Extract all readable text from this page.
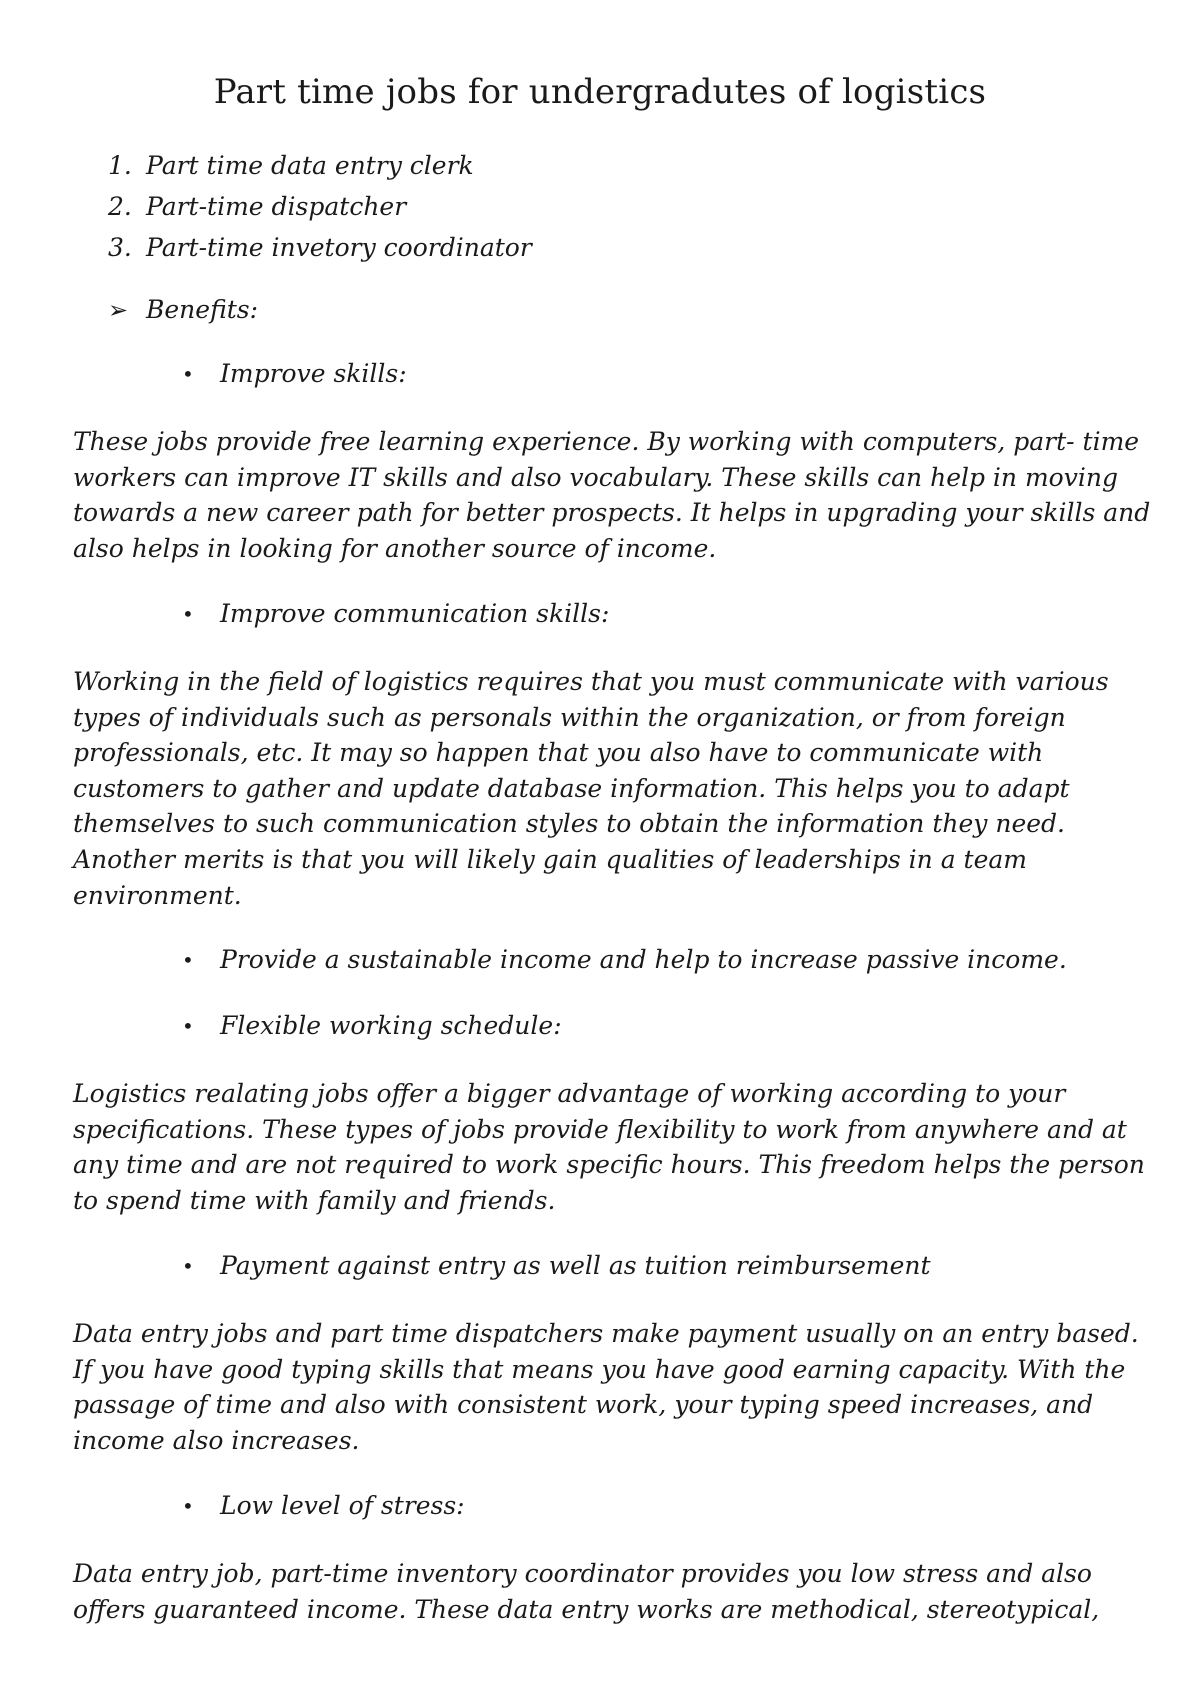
Part time jobs for undergradutes of logistics
1. Part time data entry clerk
2. Part-time dispatcher
3. Part-time invetory coordinator
➢ Benefits:
• Improve skills:

These jobs provide free learning experience. By working with computers, part- time
workers can improve IT skills and also vocabulary. These skills can help in moving
towards a new career path for better prospects. It helps in upgrading your skills and
also helps in looking for another source of income.

• Improve communication skills:

Working in the field of logistics requires that you must communicate with various
types of individuals such as personals within the organization, or from foreign
professionals, etc. It may so happen that you also have to communicate with
customers to gather and update database information. This helps you to adapt
themselves to such communication styles to obtain the information they need.
Another merits is that you will likely gain qualities of leaderships in a team
environment.

• Provide a sustainable income and help to increase passive income.
• Flexible working schedule:

Logistics realating jobs offer a bigger advantage of working according to your
specifications. These types of jobs provide flexibility to work from anywhere and at
any time and are not required to work specific hours. This freedom helps the person
to spend time with family and friends.

• Payment against entry as well as tuition reimbursement

Data entry jobs and part time dispatchers make payment usually on an entry based.
If you have good typing skills that means you have good earning capacity. With the
passage of time and also with consistent work, your typing speed increases, and
income also increases.

• Low level of stress:

Data entry job, part-time inventory coordinator provides you low stress and also
offers guaranteed income. These data entry works are methodical, stereotypical,
